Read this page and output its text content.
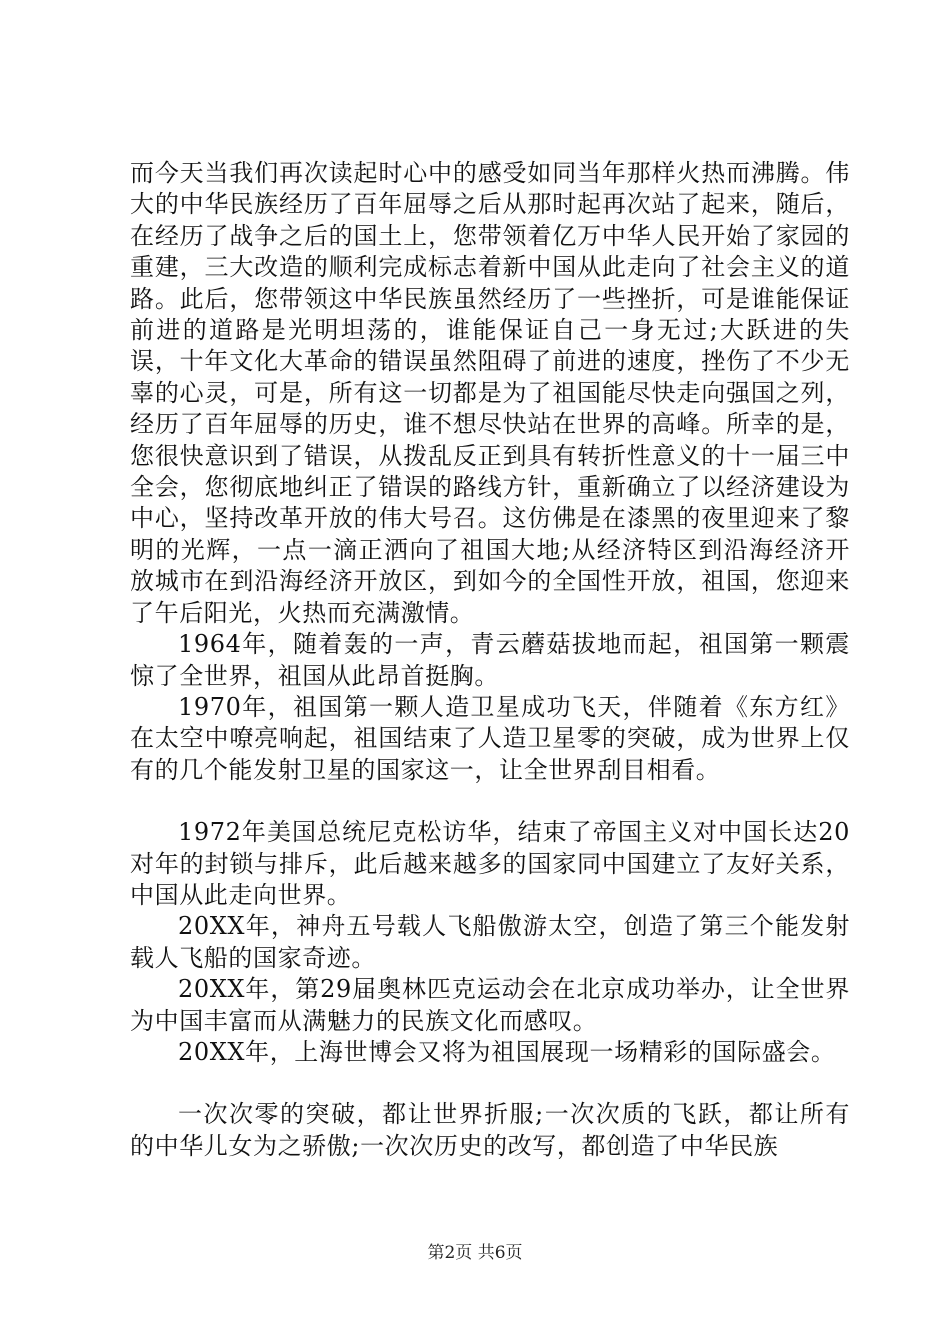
而今天当我们再次读起时心中的感受如同当年那样火热而沸腾。伟大的中华民族经历了百年屈辱之后从那时起再次站了起来，随后，在经历了战争之后的国土上，您带领着亿万中华人民开始了家园的重建，三大改造的顺利完成标志着新中国从此走向了社会主义的道路。此后，您带领这中华民族虽然经历了一些挫折，可是谁能保证前进的道路是光明坦荡的，谁能保证自己一身无过;大跃进的失误，十年文化大革命的错误虽然阻碍了前进的速度，挫伤了不少无辜的心灵，可是，所有这一切都是为了祖国能尽快走向强国之列，经历了百年屈辱的历史，谁不想尽快站在世界的高峰。所幸的是，您很快意识到了错误，从拨乱反正到具有转折性意义的十一届三中全会，您彻底地纠正了错误的路线方针，重新确立了以经济建设为中心，坚持改革开放的伟大号召。这仿佛是在漆黑的夜里迎来了黎明的光辉，一点一滴正洒向了祖国大地;从经济特区到沿海经济开放城市在到沿海经济开放区，到如今的全国性开放，祖国，您迎来了午后阳光，火热而充满激情。

1964年，随着轰的一声，青云蘑菇拔地而起，祖国第一颗震惊了全世界，祖国从此昂首挺胸。

1970年，祖国第一颗人造卫星成功飞天，伴随着《东方红》在太空中嘹亮响起，祖国结束了人造卫星零的突破，成为世界上仅有的几个能发射卫星的国家这一，让全世界刮目相看。

1972年美国总统尼克松访华，结束了帝国主义对中国长达20对年的封锁与排斥，此后越来越多的国家同中国建立了友好关系，中国从此走向世界。

20XX年，神舟五号载人飞船傲游太空，创造了第三个能发射载人飞船的国家奇迹。

20XX年，第29届奥林匹克运动会在北京成功举办，让全世界为中国丰富而从满魅力的民族文化而感叹。

20XX年，上海世博会又将为祖国展现一场精彩的国际盛会。

一次次零的突破，都让世界折服;一次次质的飞跃，都让所有的中华儿女为之骄傲;一次次历史的改写，都创造了中华民族

第2页 共6页
